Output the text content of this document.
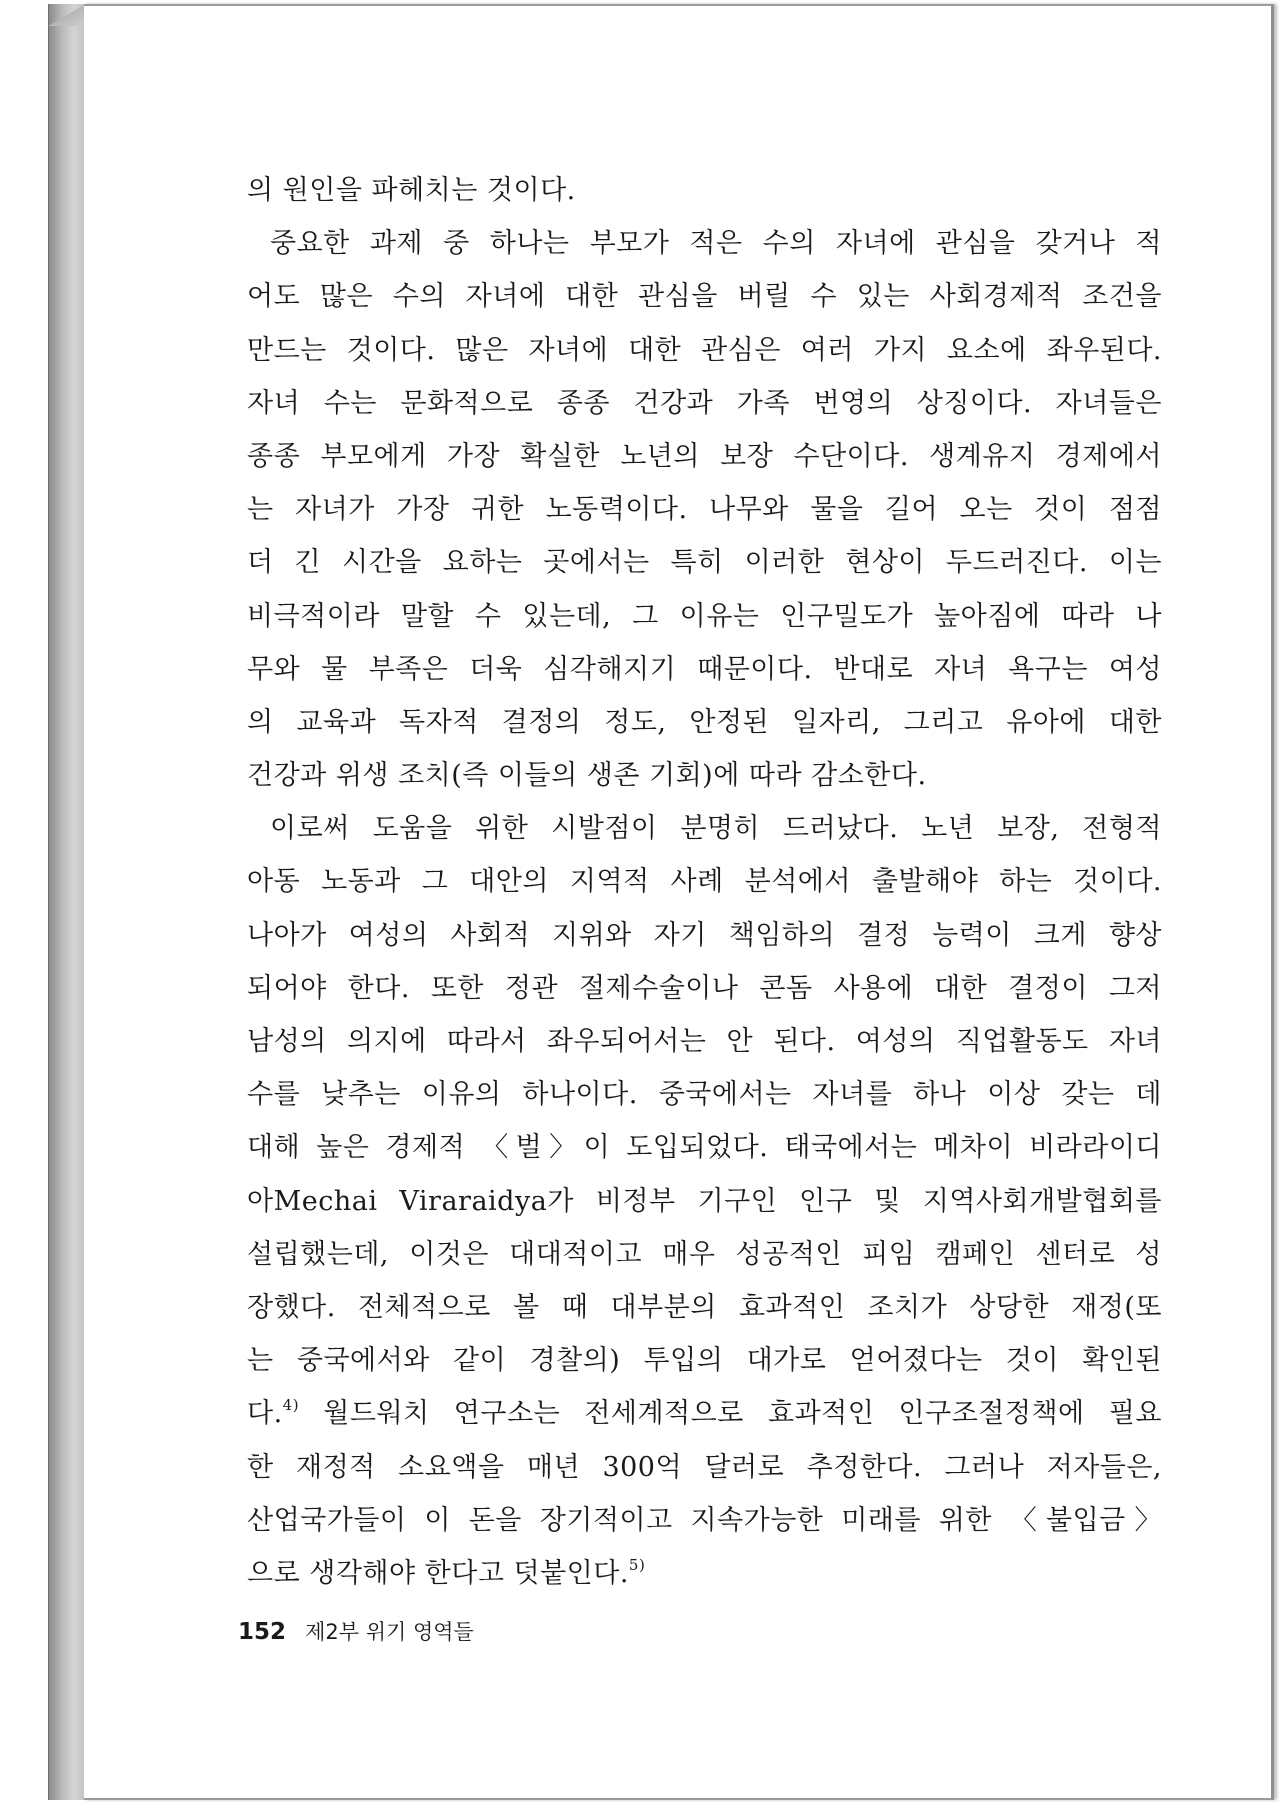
의 원인을 파헤치는 것이다.
중요한 과제 중 하나는 부모가 적은 수의 자녀에 관심을 갖거나 적
어도 많은 수의 자녀에 대한 관심을 버릴 수 있는 사회경제적 조건을
만드는 것이다. 많은 자녀에 대한 관심은 여러 가지 요소에 좌우된다.
자녀 수는 문화적으로 종종 건강과 가족 번영의 상징이다. 자녀들은
종종 부모에게 가장 확실한 노년의 보장 수단이다. 생계유지 경제에서
는 자녀가 가장 귀한 노동력이다. 나무와 물을 길어 오는 것이 점점
더 긴 시간을 요하는 곳에서는 특히 이러한 현상이 두드러진다. 이는
비극적이라 말할 수 있는데, 그 이유는 인구밀도가 높아짐에 따라 나
무와 물 부족은 더욱 심각해지기 때문이다. 반대로 자녀 욕구는 여성
의 교육과 독자적 결정의 정도, 안정된 일자리, 그리고 유아에 대한
건강과 위생 조치(즉 이들의 생존 기회)에 따라 감소한다.
이로써 도움을 위한 시발점이 분명히 드러났다. 노년 보장, 전형적
아동 노동과 그 대안의 지역적 사례 분석에서 출발해야 하는 것이다.
나아가 여성의 사회적 지위와 자기 책임하의 결정 능력이 크게 향상
되어야 한다. 또한 정관 절제수술이나 콘돔 사용에 대한 결정이 그저
남성의 의지에 따라서 좌우되어서는 안 된다. 여성의 직업활동도 자녀
수를 낮추는 이유의 하나이다. 중국에서는 자녀를 하나 이상 갖는 데
대해 높은 경제적 〈벌〉이 도입되었다. 태국에서는 메차이 비라라이디
아Mechai Viraraidya가 비정부 기구인 인구 및 지역사회개발협회를
설립했는데, 이것은 대대적이고 매우 성공적인 피임 캠페인 센터로 성
장했다. 전체적으로 볼 때 대부분의 효과적인 조치가 상당한 재정(또
는 중국에서와 같이 경찰의) 투입의 대가로 얻어졌다는 것이 확인된
다.$^{4)}$ 월드워치 연구소는 전세계적으로 효과적인 인구조절정책에 필요
한 재정적 소요액을 매년 300억 달러로 추정한다. 그러나 저자들은,
산업국가들이 이 돈을 장기적이고 지속가능한 미래를 위한 〈불입금〉
으로 생각해야 한다고 덧붙인다.$^{5)}$
152 제2부 위기 영역들
